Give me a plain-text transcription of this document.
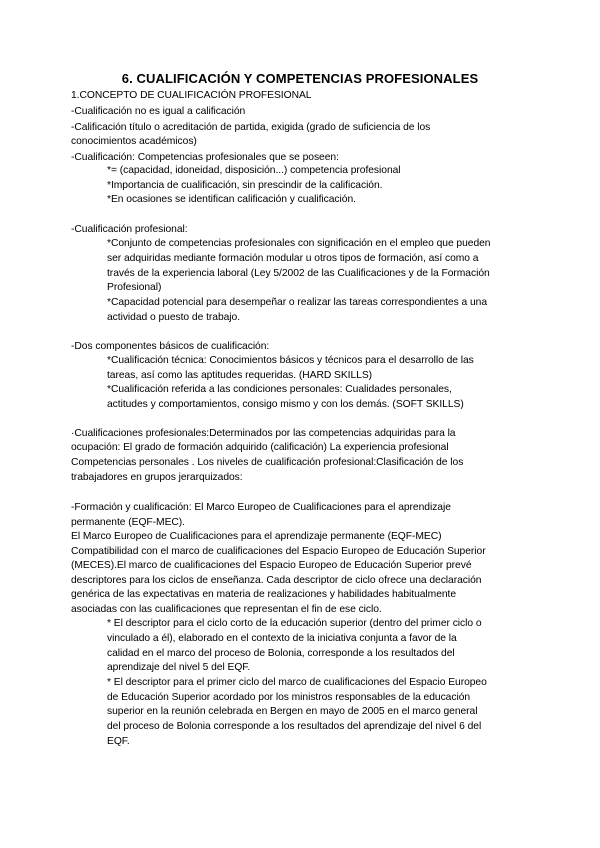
6. CUALIFICACIÓN Y COMPETENCIAS PROFESIONALES
1.CONCEPTO DE CUALIFICACIÓN PROFESIONAL
-Cualificación no es igual a calificación
-Calificación título o acreditación de partida, exigida (grado de suficiencia de los
conocimientos académicos)
-Cualificación: Competencias profesionales que se poseen:
*= (capacidad, idoneidad, disposición...) competencia profesional
*Importancia de cualificación, sin prescindir de la calificación.
*En ocasiones se identifican calificación y cualificación.
-Cualificación profesional:
*Conjunto de competencias profesionales con significación en el empleo que pueden
ser adquiridas mediante formación modular u otros tipos de formación, así como a
través de la experiencia laboral (Ley 5/2002 de las Cualificaciones y de la Formación
Profesional)
*Capacidad potencial para desempeñar o realizar las tareas correspondientes a una
actividad o puesto de trabajo.
-Dos componentes básicos de cualificación:
*Cualificación técnica: Conocimientos básicos y técnicos para el desarrollo de las
tareas, así como las aptitudes requeridas. (HARD SKILLS)
*Cualificación referida a las condiciones personales: Cualidades personales,
actitudes y comportamientos, consigo mismo y con los demás. (SOFT SKILLS)
·Cualificaciones profesionales:Determinados por las competencias adquiridas para la
ocupación: El grado de formación adquirido (calificación) La experiencia profesional
Competencias personales . Los niveles de cualificación profesional:Clasificación de los
trabajadores en grupos jerarquizados:
-Formación y cualificación: El Marco Europeo de Cualificaciones para el aprendizaje
permanente (EQF-MEC).
El Marco Europeo de Cualificaciones para el aprendizaje permanente (EQF-MEC)
Compatibilidad con el marco de cualificaciones del Espacio Europeo de Educación Superior
(MECES).El marco de cualificaciones del Espacio Europeo de Educación Superior prevé
descriptores para los ciclos de enseñanza. Cada descriptor de ciclo ofrece una declaración
genérica de las expectativas en materia de realizaciones y habilidades habitualmente
asociadas con las cualificaciones que representan el fin de ese ciclo.
* El descriptor para el ciclo corto de la educación superior (dentro del primer ciclo o
vinculado a él), elaborado en el contexto de la iniciativa conjunta a favor de la
calidad en el marco del proceso de Bolonia, corresponde a los resultados del
aprendizaje del nivel 5 del EQF.
* El descriptor para el primer ciclo del marco de cualificaciones del Espacio Europeo
de Educación Superior acordado por los ministros responsables de la educación
superior en la reunión celebrada en Bergen en mayo de 2005 en el marco general
del proceso de Bolonia corresponde a los resultados del aprendizaje del nivel 6 del
EQF.
